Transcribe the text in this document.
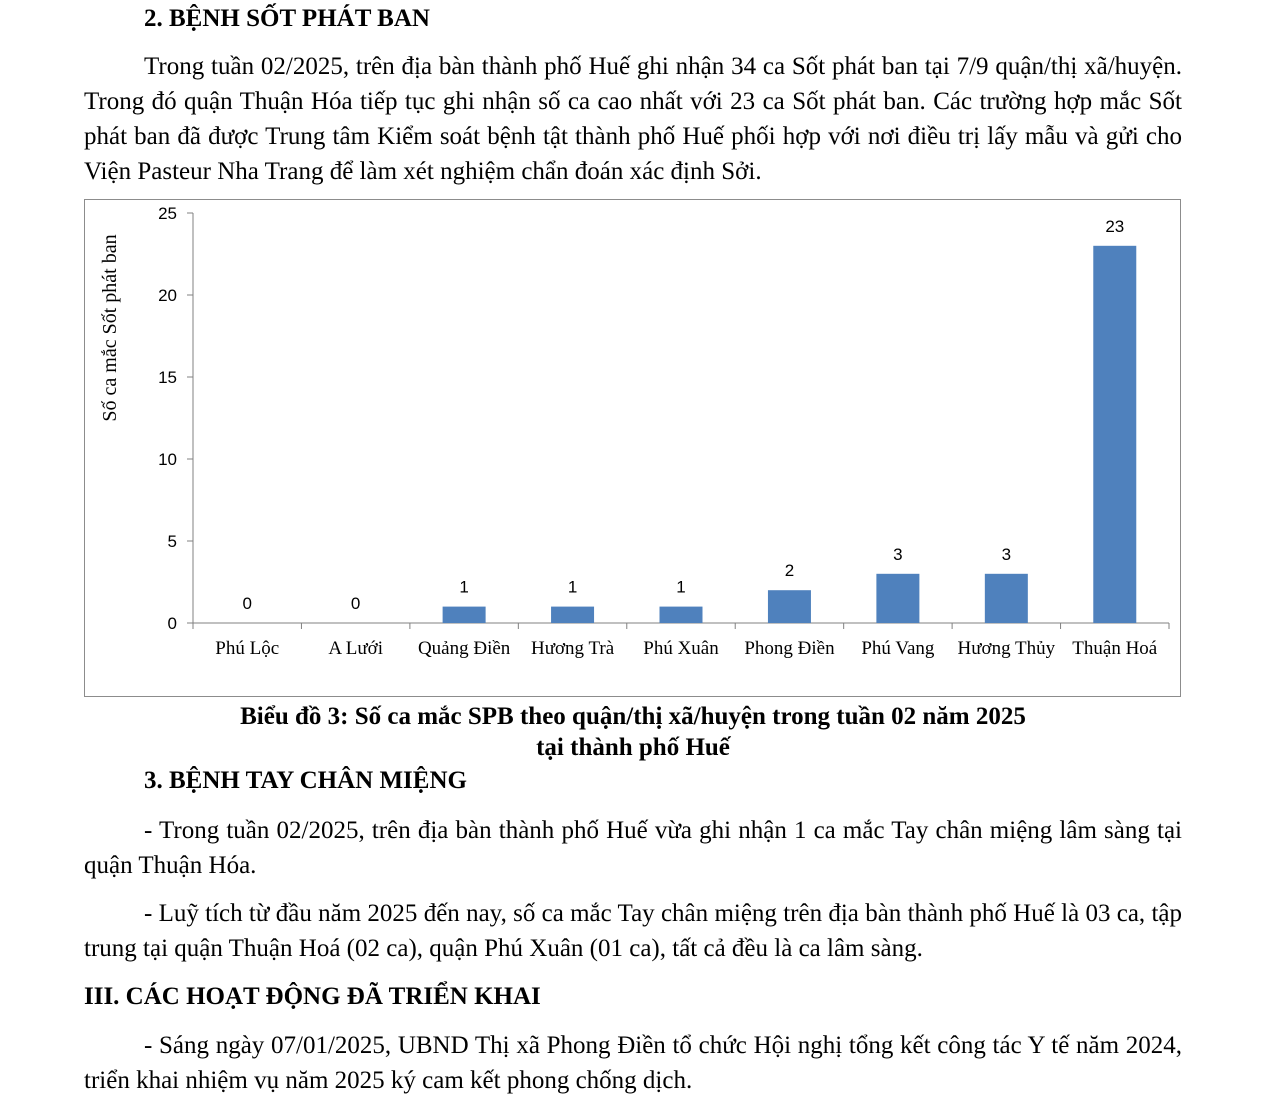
2. BỆNH SỐT PHÁT BAN

Trong tuần 02/2025, trên địa bàn thành phố Huế ghi nhận 34 ca Sốt phát ban tại 7/9 quận/thị xã/huyện. Trong đó quận Thuận Hóa tiếp tục ghi nhận số ca cao nhất với 23 ca Sốt phát ban. Các trường hợp mắc Sốt phát ban đã được Trung tâm Kiểm soát bệnh tật thành phố Huế phối hợp với nơi điều trị lấy mẫu và gửi cho Viện Pasteur Nha Trang để làm xét nghiệm chẩn đoán xác định Sởi.

0
5
10
15
20
25
0
Phú Lộc
0
A Lưới
1
Quảng Điền
1
Hương Trà
1
Phú Xuân
2
Phong Điền
3
Phú Vang
3
Hương Thủy
23
Thuận Hoá
Số ca mắc Sốt phát ban
Biểu đồ 3: Số ca mắc SPB theo quận/thị xã/huyện trong tuần 02 năm 2025
tại thành phố Huế
3. BỆNH TAY CHÂN MIỆNG

- Trong tuần 02/2025, trên địa bàn thành phố Huế vừa ghi nhận 1 ca mắc Tay chân miệng lâm sàng tại quận Thuận Hóa.

- Luỹ tích từ đầu năm 2025 đến nay, số ca mắc Tay chân miệng trên địa bàn thành phố Huế là 03 ca, tập trung tại quận Thuận Hoá (02 ca), quận Phú Xuân (01 ca), tất cả đều là ca lâm sàng.

III. CÁC HOẠT ĐỘNG ĐÃ TRIỂN KHAI

- Sáng ngày 07/01/2025, UBND Thị xã Phong Điền tổ chức Hội nghị tổng kết công tác Y tế năm 2024, triển khai nhiệm vụ năm 2025 ký cam kết phong chống dịch.
